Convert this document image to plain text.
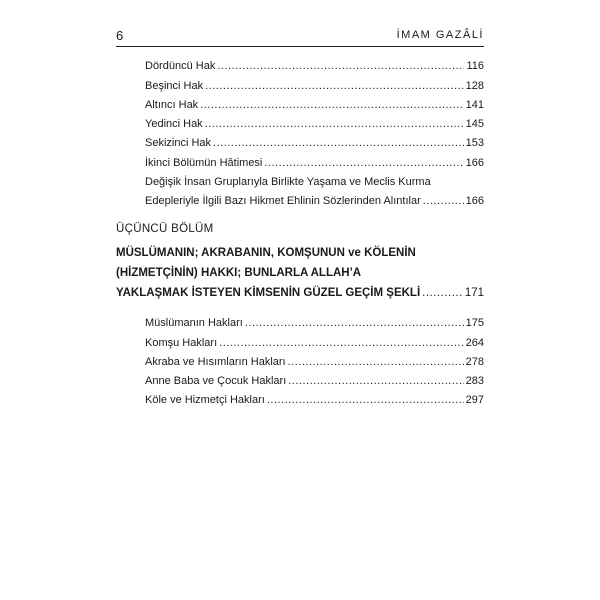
6	İMAM GAZÂLİ
Dördüncü Hak .....	116
Beşinci Hak .....	128
Altıncı Hak .....	141
Yedinci Hak .....	145
Sekizinci Hak .....	153
İkinci Bölümün Hâtimesi .....	166
Değişik İnsan Gruplarıyla Birlikte Yaşama ve Meclis Kurma
Edepleriyle İlgili Bazı Hikmet Ehlinin Sözlerinden Alıntılar .....	166
ÜÇÜNCÜ BÖLÜM
MÜSLÜMANIN; AKRABANIN, KOMŞUNUN ve KÖLENİN
(HİZMETÇİNİN) HAKKI; BUNLARLA ALLAH’A
YAKLAŞMAK İSTEYEN KİMSENİN GÜZEL GEÇİM ŞEKLİ .....	171
Müslümanın Hakları .....	175
Komşu Hakları .....	264
Akraba ve Hısımların Hakları .....	278
Anne Baba ve Çocuk Hakları .....	283
Köle ve Hizmetçi Hakları .....	297
